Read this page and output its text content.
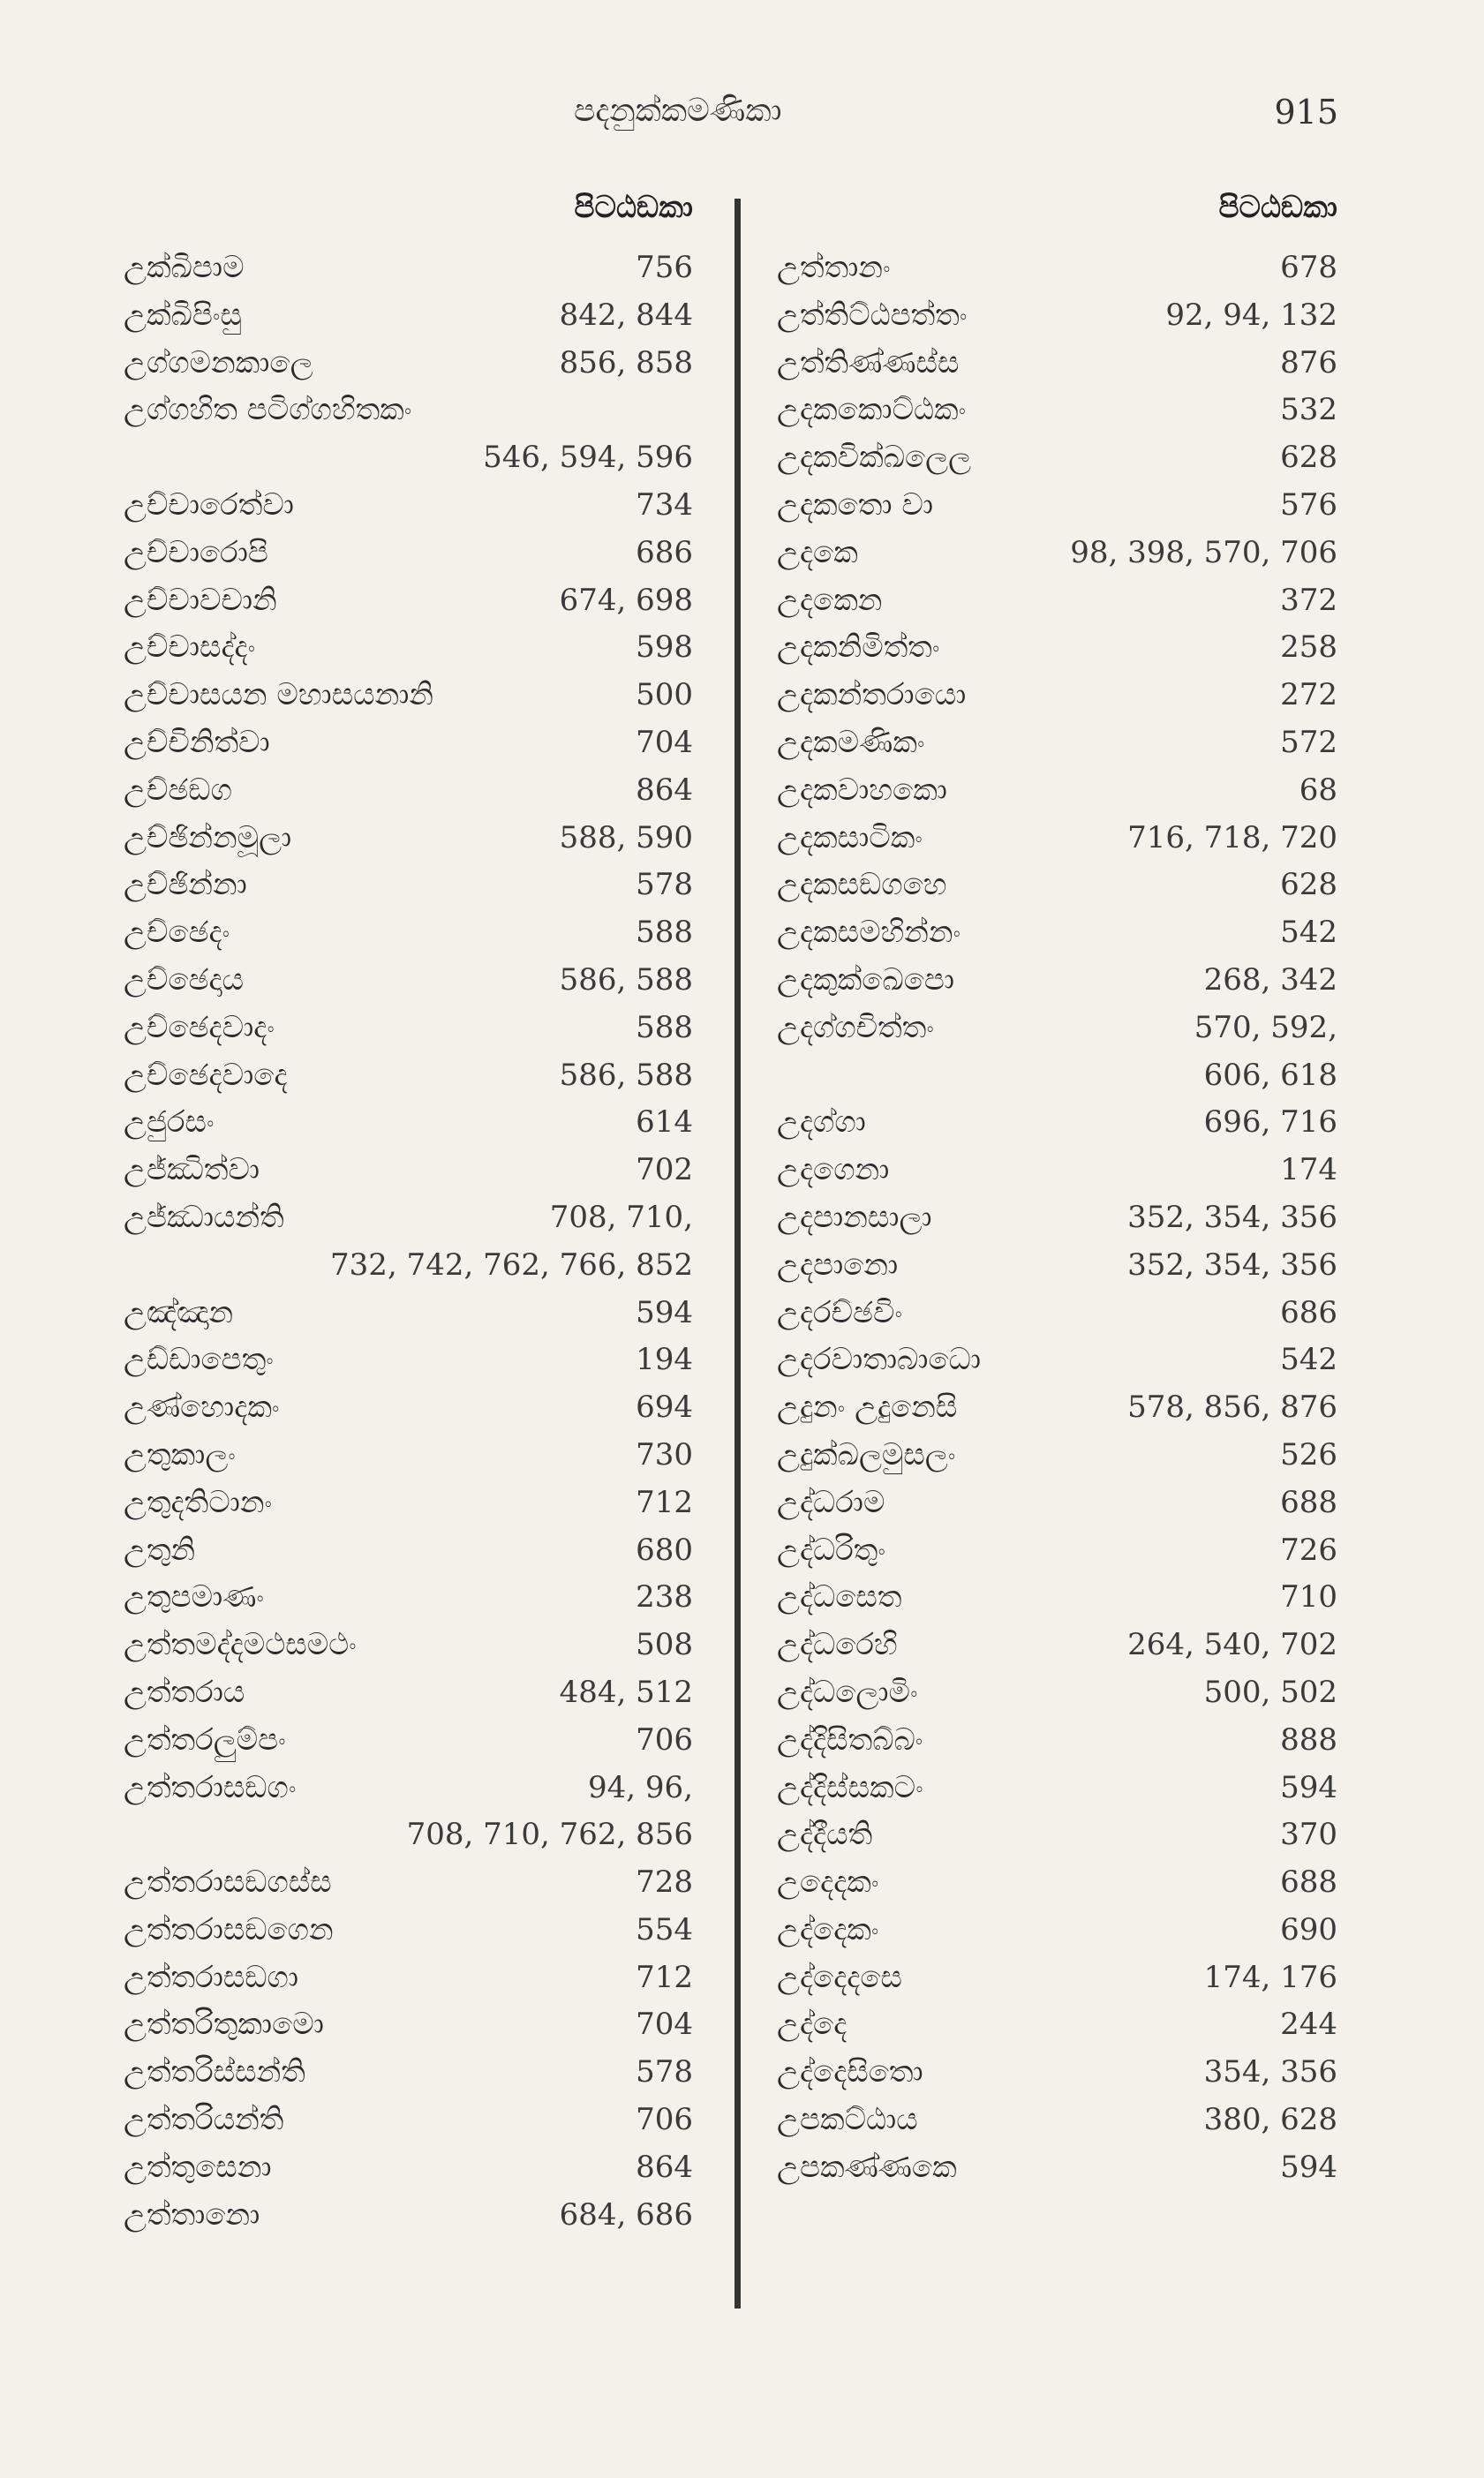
පදනුක්කමණිකා	915
පිටඨඞකා
උක්ඛිපාම	756
උක්ඛිපිංසු	842, 844
උග්ගමනකාලෙ	856, 858
උග්ගහිත පටිග්ගහිතකං
546, 594, 596
උච්චාරෙත්වා	734
උච්චාරොපි	686
උච්චාවචානි	674, 698
උච්චාසද්දං	598
උච්චාසයන මහාසයනානි	500
උච්චිනිත්වා	704
උච්ඡඞග	864
උච්ඡින්නමූලා	588, 590
උච්ඡින්නා	578
උච්ඡෙදං	588
උච්ඡෙදාය	586, 588
උච්ඡෙදවාදං	588
උච්ඡෙදවාදෙ	586, 588
උජුරසං	614
උජ්ඣිත්වා	702
උජ්ඣායන්ති	708, 710,
732, 742, 762, 766, 852
උඤ්ඤාන	594
උඩ්ඩාපෙතුං	194
උණ්හොදකං	694
උතුකාලං	730
උතුදතිටානං	712
උතුනි	680
උතුපමාණං	238
උත්තමද්දමථසමථං	508
උත්තරාය	484, 512
උත්තරලුම්පං	706
උත්තරාසඞගං	94, 96,
708, 710, 762, 856
උත්තරාසඞගස්ස	728
උත්තරාසඞගෙන	554
උත්තරාසඞගා	712
උත්තරිතුකාමො	704
උත්තරිස්සන්ති	578
උත්තරියන්ති	706
උත්තුසෙනා	864
උත්තානො	684, 686
පිටඨඞකා
උත්තානං	678
උත්තිට්ඨපත්තං	92, 94, 132
උත්තිණ්ණස්ස	876
උදකකොට්ඨකං	532
උදකවික්ඛලෙල	628
උදකතො වා	576
උදකෙ	98, 398, 570, 706
උදකෙන	372
උදකනිමිත්තං	258
උදකන්තරායො	272
උදකමණිකං	572
උදකවාහකො	68
උදකසාටිකං	716, 718, 720
උදකසඞගහෙ	628
උදකසමහින්නං	542
උදකුක්ඛෙපො	268, 342
උදග්ගචිත්තං	570, 592,
606, 618
උදග්ගා	696, 716
උදගෙනා	174
උදපානසාලා	352, 354, 356
උදපානො	352, 354, 356
උදරච්ඡවිං	686
උදරවාතාබාධො	542
උදුනං උදුනෙසි	578, 856, 876
උදුක්ඛලමුසලං	526
උද්ධරාම	688
උද්ධරිතුං	726
උද්ධසෙත	710
උද්ධරෙහි	264, 540, 702
උද්ධලොමිං	500, 502
උද්දිසිතබ්බං	888
උද්දිස්සකටං	594
උද්දීයති	370
උදෙදකං	688
උද්දෙකං	690
උද්දෙදසෙ	174, 176
උද්දෙ	244
උද්දෙසිතො	354, 356
උපකට්ඨාය	380, 628
උපකණ්ණකෙ	594
